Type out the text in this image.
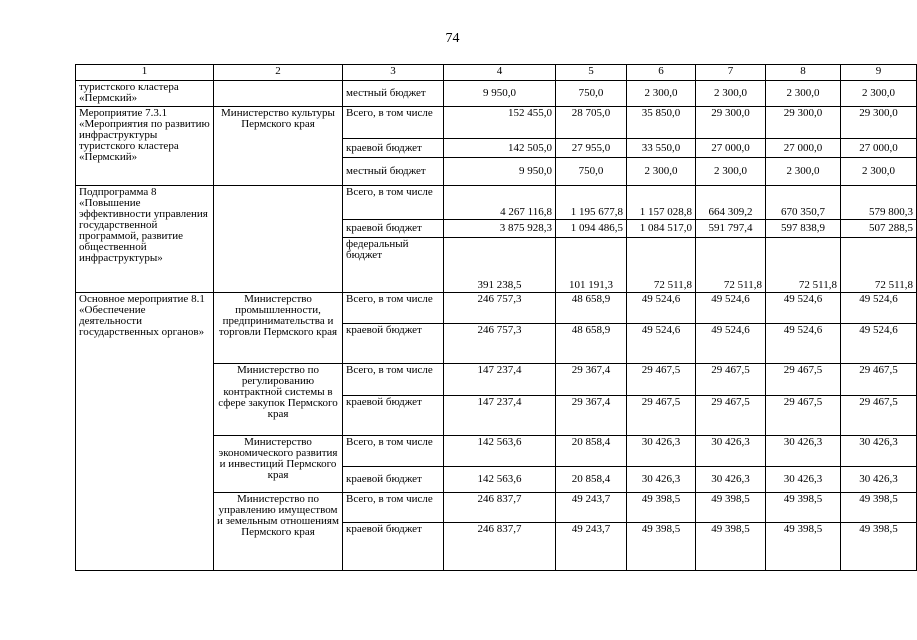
74
1	2	3	4	5	6	7	8	9
туристского кластера «Пермский»		местный бюджет	9 950,0	750,0	2 300,0	2 300,0	2 300,0	2 300,0
Мероприятие 7.3.1 «Мероприятия по развитию инфраструктуры туристского кластера «Пермский»	Министерство культуры Пермского края	Всего, в том числе	152 455,0	28 705,0	35 850,0	29 300,0	29 300,0	29 300,0
		краевой бюджет	142 505,0	27 955,0	33 550,0	27 000,0	27 000,0	27 000,0
		местный бюджет	9 950,0	750,0	2 300,0	2 300,0	2 300,0	2 300,0
Подпрограмма 8 «Повышение эффективности управления государственной программой, развитие общественной инфраструктуры»		Всего, в том числе	4 267 116,8	1 195 677,8	1 157 028,8	664 309,2	670 350,7	579 800,3
		краевой бюджет	3 875 928,3	1 094 486,5	1 084 517,0	591 797,4	597 838,9	507 288,5
		федеральный бюджет	391 238,5	101 191,3	72 511,8	72 511,8	72 511,8	72 511,8
Основное мероприятие 8.1 «Обеспечение деятельности государственных органов»	Министерство промышленности, предпринимательства и торговли Пермского края	Всего, в том числе	246 757,3	48 658,9	49 524,6	49 524,6	49 524,6	49 524,6
		краевой бюджет	246 757,3	48 658,9	49 524,6	49 524,6	49 524,6	49 524,6
	Министерство по регулированию контрактной системы в сфере закупок Пермского края	Всего, в том числе	147 237,4	29 367,4	29 467,5	29 467,5	29 467,5	29 467,5
		краевой бюджет	147 237,4	29 367,4	29 467,5	29 467,5	29 467,5	29 467,5
	Министерство экономического развития и инвестиций Пермского края	Всего, в том числе	142 563,6	20 858,4	30 426,3	30 426,3	30 426,3	30 426,3
		краевой бюджет	142 563,6	20 858,4	30 426,3	30 426,3	30 426,3	30 426,3
	Министерство по управлению имуществом и земельным отношениям Пермского края	Всего, в том числе	246 837,7	49 243,7	49 398,5	49 398,5	49 398,5	49 398,5
		краевой бюджет	246 837,7	49 243,7	49 398,5	49 398,5	49 398,5	49 398,5
